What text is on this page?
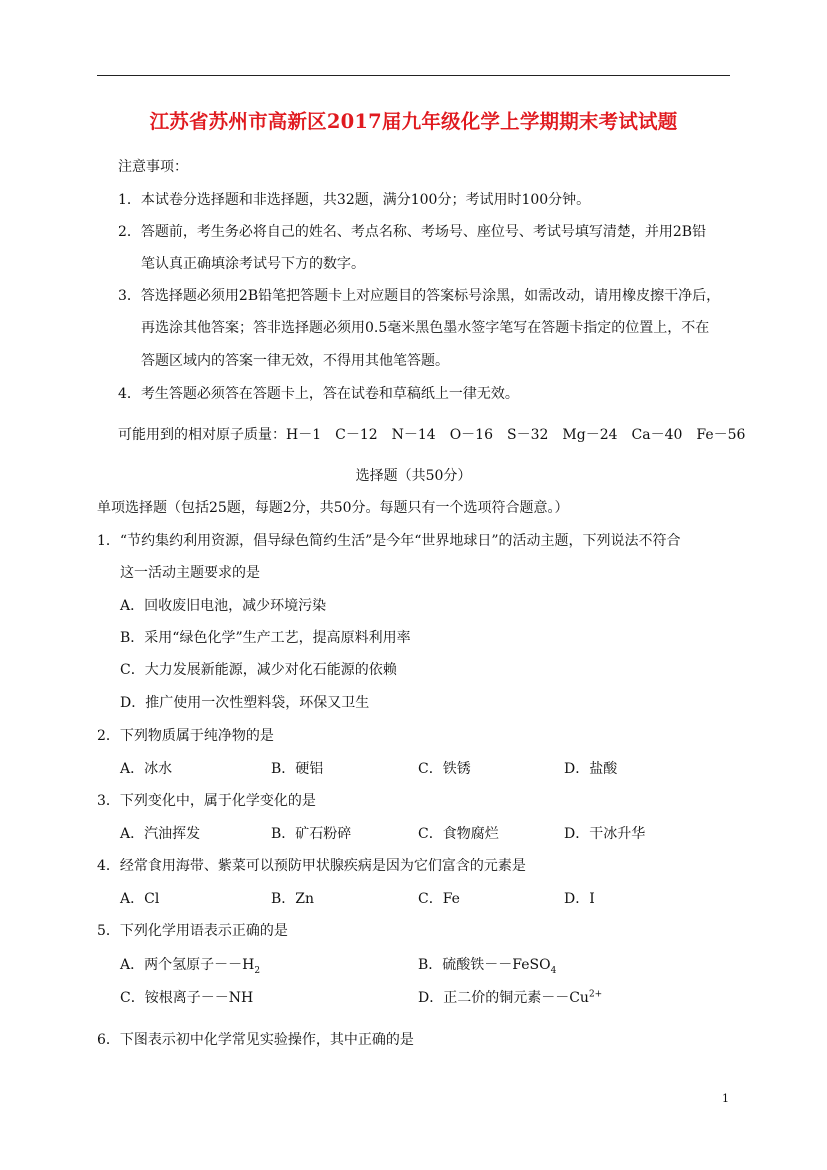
江苏省苏州市高新区2017届九年级化学上学期期末考试试题
注意事项：
1．本试卷分选择题和非选择题，共32题，满分100分；考试用时100分钟。
2．答题前，考生务必将自己的姓名、考点名称、考场号、座位号、考试号填写清楚，并用2B铅
笔认真正确填涂考试号下方的数字。
3．答选择题必须用2B铅笔把答题卡上对应题目的答案标号涂黑，如需改动，请用橡皮擦干净后，
再选涂其他答案；答非选择题必须用0.5毫米黑色墨水签字笔写在答题卡指定的位置上，不在
答题区域内的答案一律无效，不得用其他笔答题。
4．考生答题必须答在答题卡上，答在试卷和草稿纸上一律无效。
可能用到的相对原子质量：H－1　C－12　N－14　O－16　S－32　Mg－24　Ca－40　Fe－56
选择题（共50分）
单项选择题（包括25题，每题2分，共50分。每题只有一个选项符合题意。）
1．“节约集约利用资源，倡导绿色简约生活”是今年“世界地球日”的活动主题，下列说法不符合
这一活动主题要求的是
A．回收废旧电池，减少环境污染
B．采用“绿色化学”生产工艺，提高原料利用率
C．大力发展新能源，减少对化石能源的依赖
D．推广使用一次性塑料袋，环保又卫生
2．下列物质属于纯净物的是
A．冰水	B．硬铝	C．铁锈	D．盐酸
3．下列变化中，属于化学变化的是
A．汽油挥发	B．矿石粉碎	C．食物腐烂	D．干冰升华
4．经常食用海带、紫菜可以预防甲状腺疾病是因为它们富含的元素是
A．Cl	B．Zn	C．Fe	D．I
5．下列化学用语表示正确的是
A．两个氢原子$--H_2$	B．硫酸铁－－FeSO$_4$
C．铵根离子－－NH	D．正二价的铜元素$--Cu^{2+}$
6．下图表示初中化学常见实验操作，其中正确的是
1
